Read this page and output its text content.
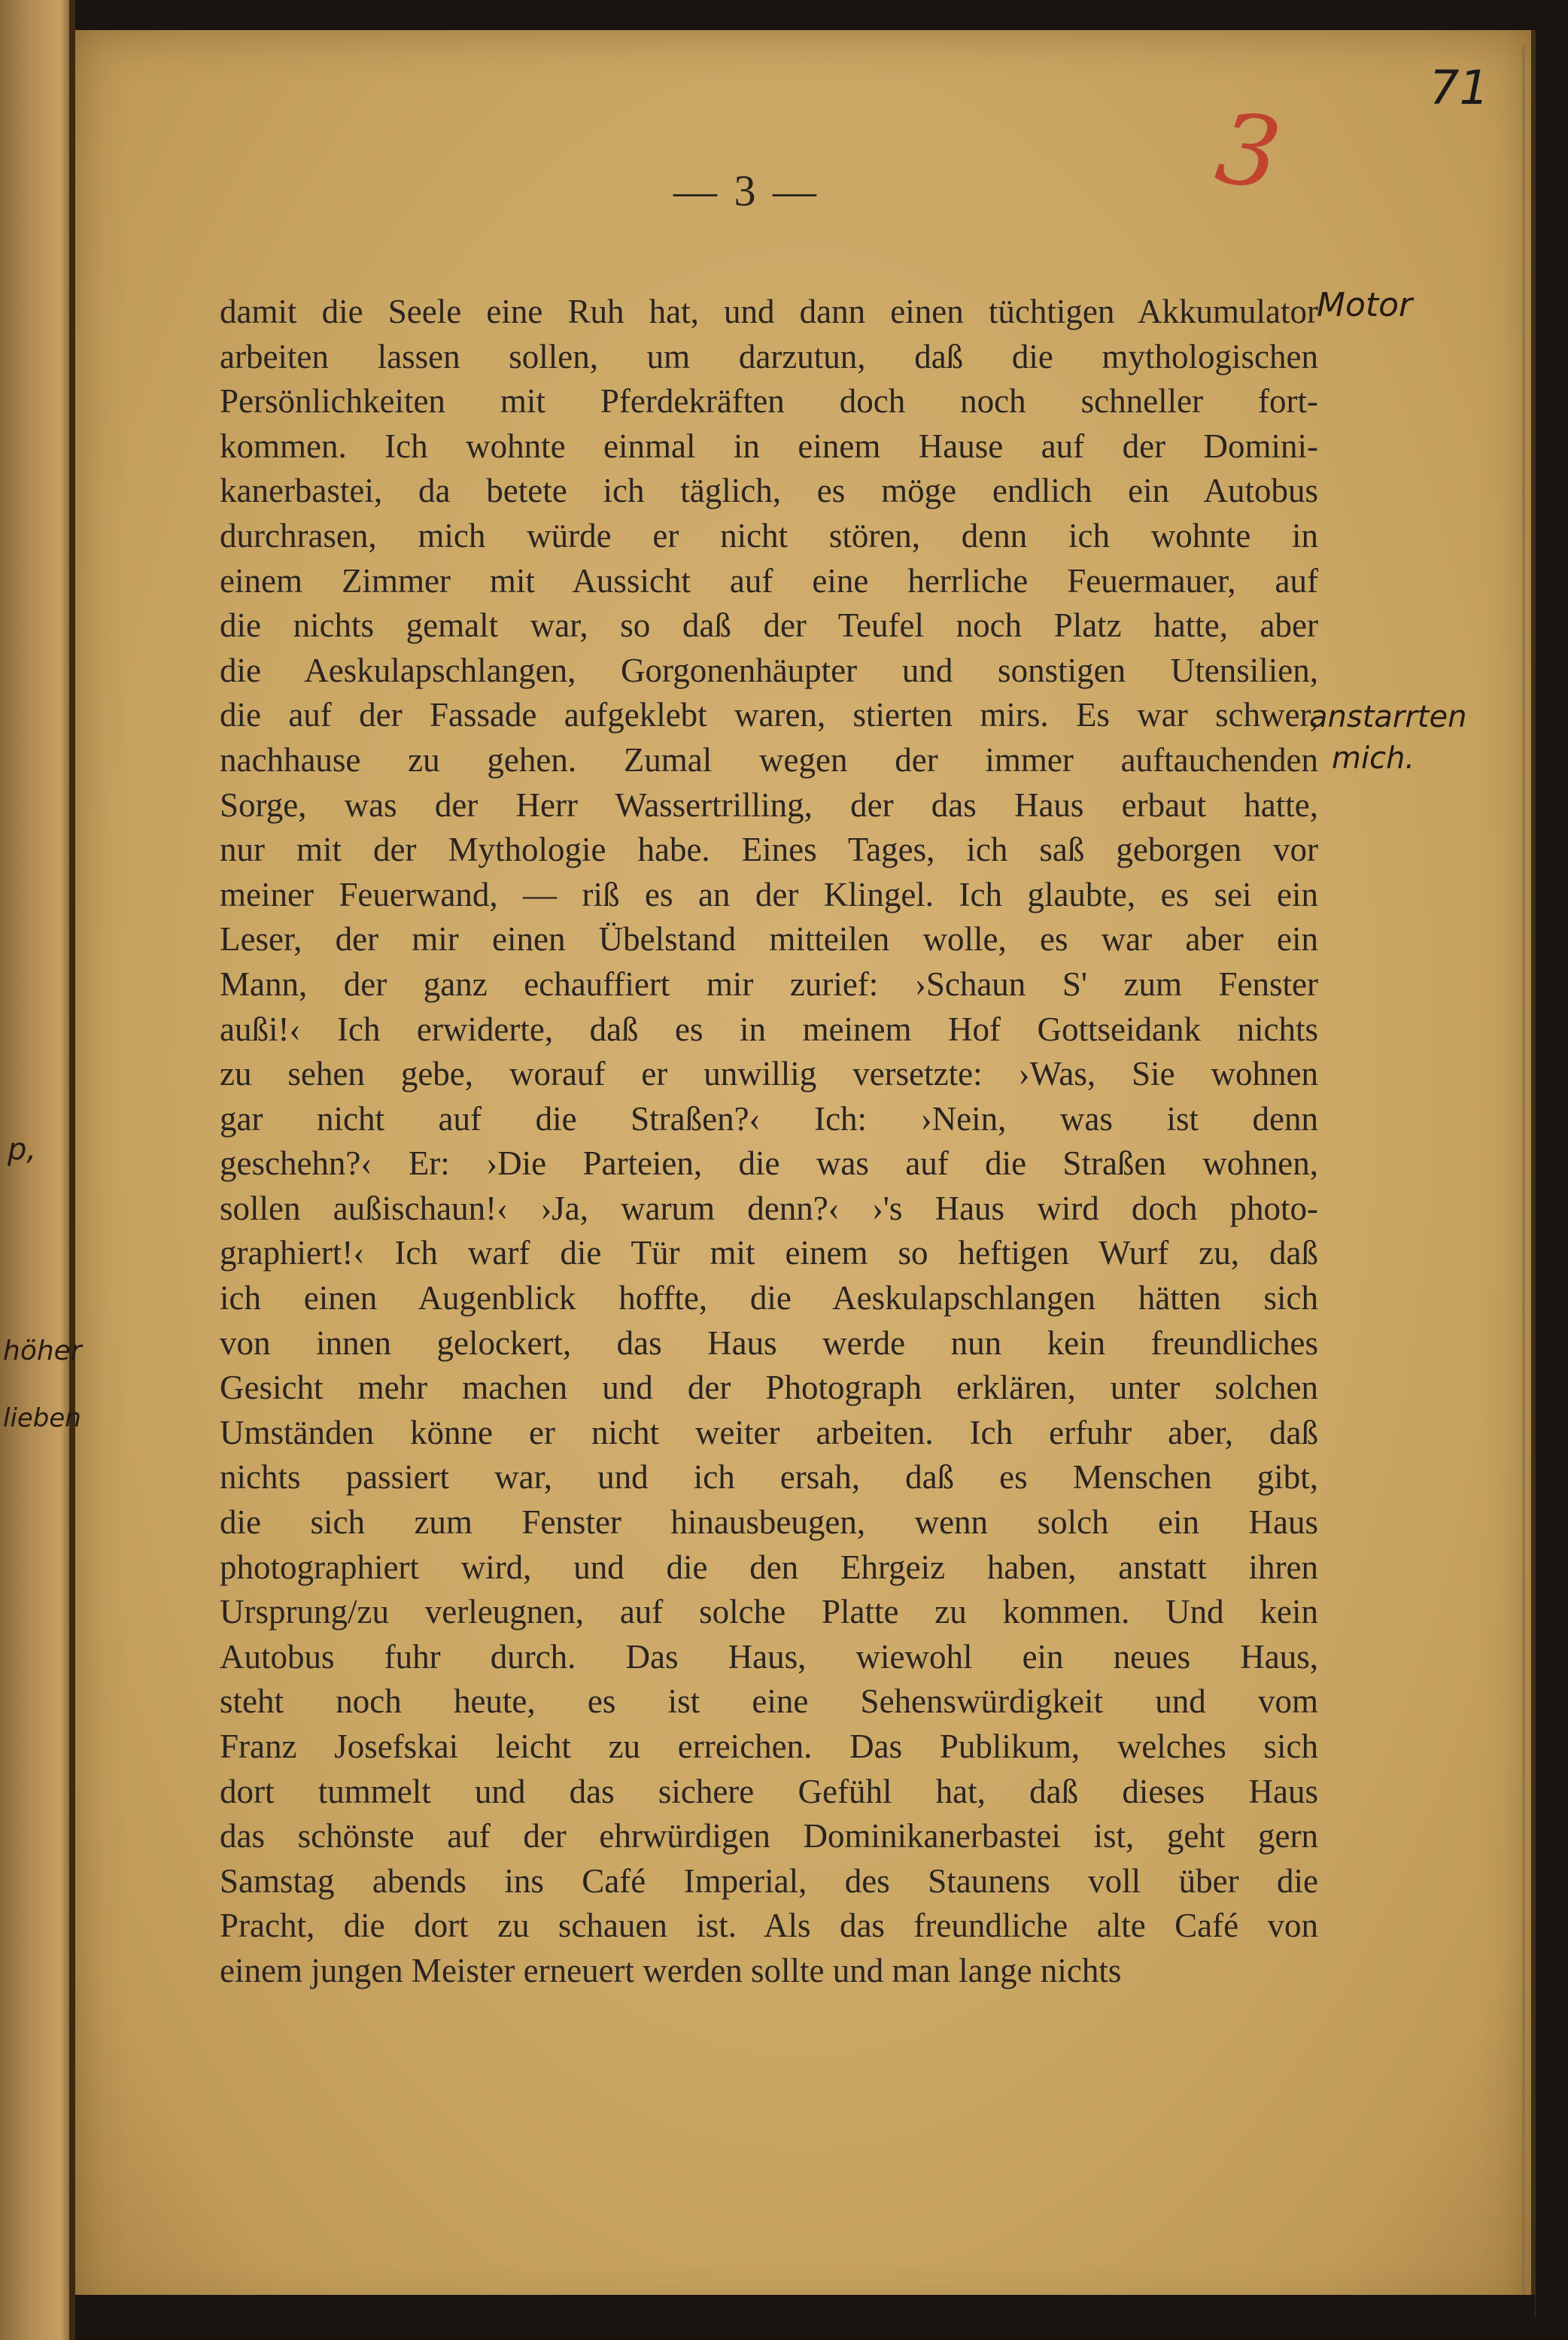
71
3
— 3 —
damit die Seele eine Ruh hat, und dann einen tüchtigen Akkumulator
arbeiten lassen sollen, um darzutun, daß die mythologischen
Persönlichkeiten mit Pferdekräften doch noch schneller fort-
kommen. Ich wohnte einmal in einem Hause auf der Domini-
kanerbastei, da betete ich täglich, es möge endlich ein Autobus
durchrasen, mich würde er nicht stören, denn ich wohnte in
einem Zimmer mit Aussicht auf eine herrliche Feuermauer, auf
die nichts gemalt war, so daß der Teufel noch Platz hatte, aber
die Aeskulapschlangen, Gorgonenhäupter und sonstigen Utensilien,
die auf der Fassade aufgeklebt waren, stierten mirs. Es war schwer,
nachhause zu gehen. Zumal wegen der immer auftauchenden
Sorge, was der Herr Wassertrilling, der das Haus erbaut hatte,
nur mit der Mythologie habe. Eines Tages, ich saß geborgen vor
meiner Feuerwand, — riß es an der Klingel. Ich glaubte, es sei ein
Leser, der mir einen Übelstand mitteilen wolle, es war aber ein
Mann, der ganz echauffiert mir zurief: ›Schaun S' zum Fenster
außi!‹ Ich erwiderte, daß es in meinem Hof Gottseidank nichts
zu sehen gebe, worauf er unwillig versetzte: ›Was, Sie wohnen
gar nicht auf die Straßen?‹ Ich: ›Nein, was ist denn
geschehn?‹ Er: ›Die Parteien, die was auf die Straßen wohnen,
sollen außischaun!‹ ›Ja, warum denn?‹ ›'s Haus wird doch photo-
graphiert!‹ Ich warf die Tür mit einem so heftigen Wurf zu, daß
ich einen Augenblick hoffte, die Aeskulapschlangen hätten sich
von innen gelockert, das Haus werde nun kein freundliches
Gesicht mehr machen und der Photograph erklären, unter solchen
Umständen könne er nicht weiter arbeiten. Ich erfuhr aber, daß
nichts passiert war, und ich ersah, daß es Menschen gibt,
die sich zum Fenster hinausbeugen, wenn solch ein Haus
photographiert wird, und die den Ehrgeiz haben, anstatt ihren
Ursprung/zu verleugnen, auf solche Platte zu kommen. Und kein
Autobus fuhr durch. Das Haus, wiewohl ein neues Haus,
steht noch heute, es ist eine Sehenswürdigkeit und vom
Franz Josefskai leicht zu erreichen. Das Publikum, welches sich
dort tummelt und das sichere Gefühl hat, daß dieses Haus
das schönste auf der ehrwürdigen Dominikanerbastei ist, geht gern
Samstag abends ins Café Imperial, des Staunens voll über die
Pracht, die dort zu schauen ist. Als das freundliche alte Café von
einem jungen Meister erneuert werden sollte und man lange nichts
Motor
anstarrten
mich.
p,
höher
lieben
